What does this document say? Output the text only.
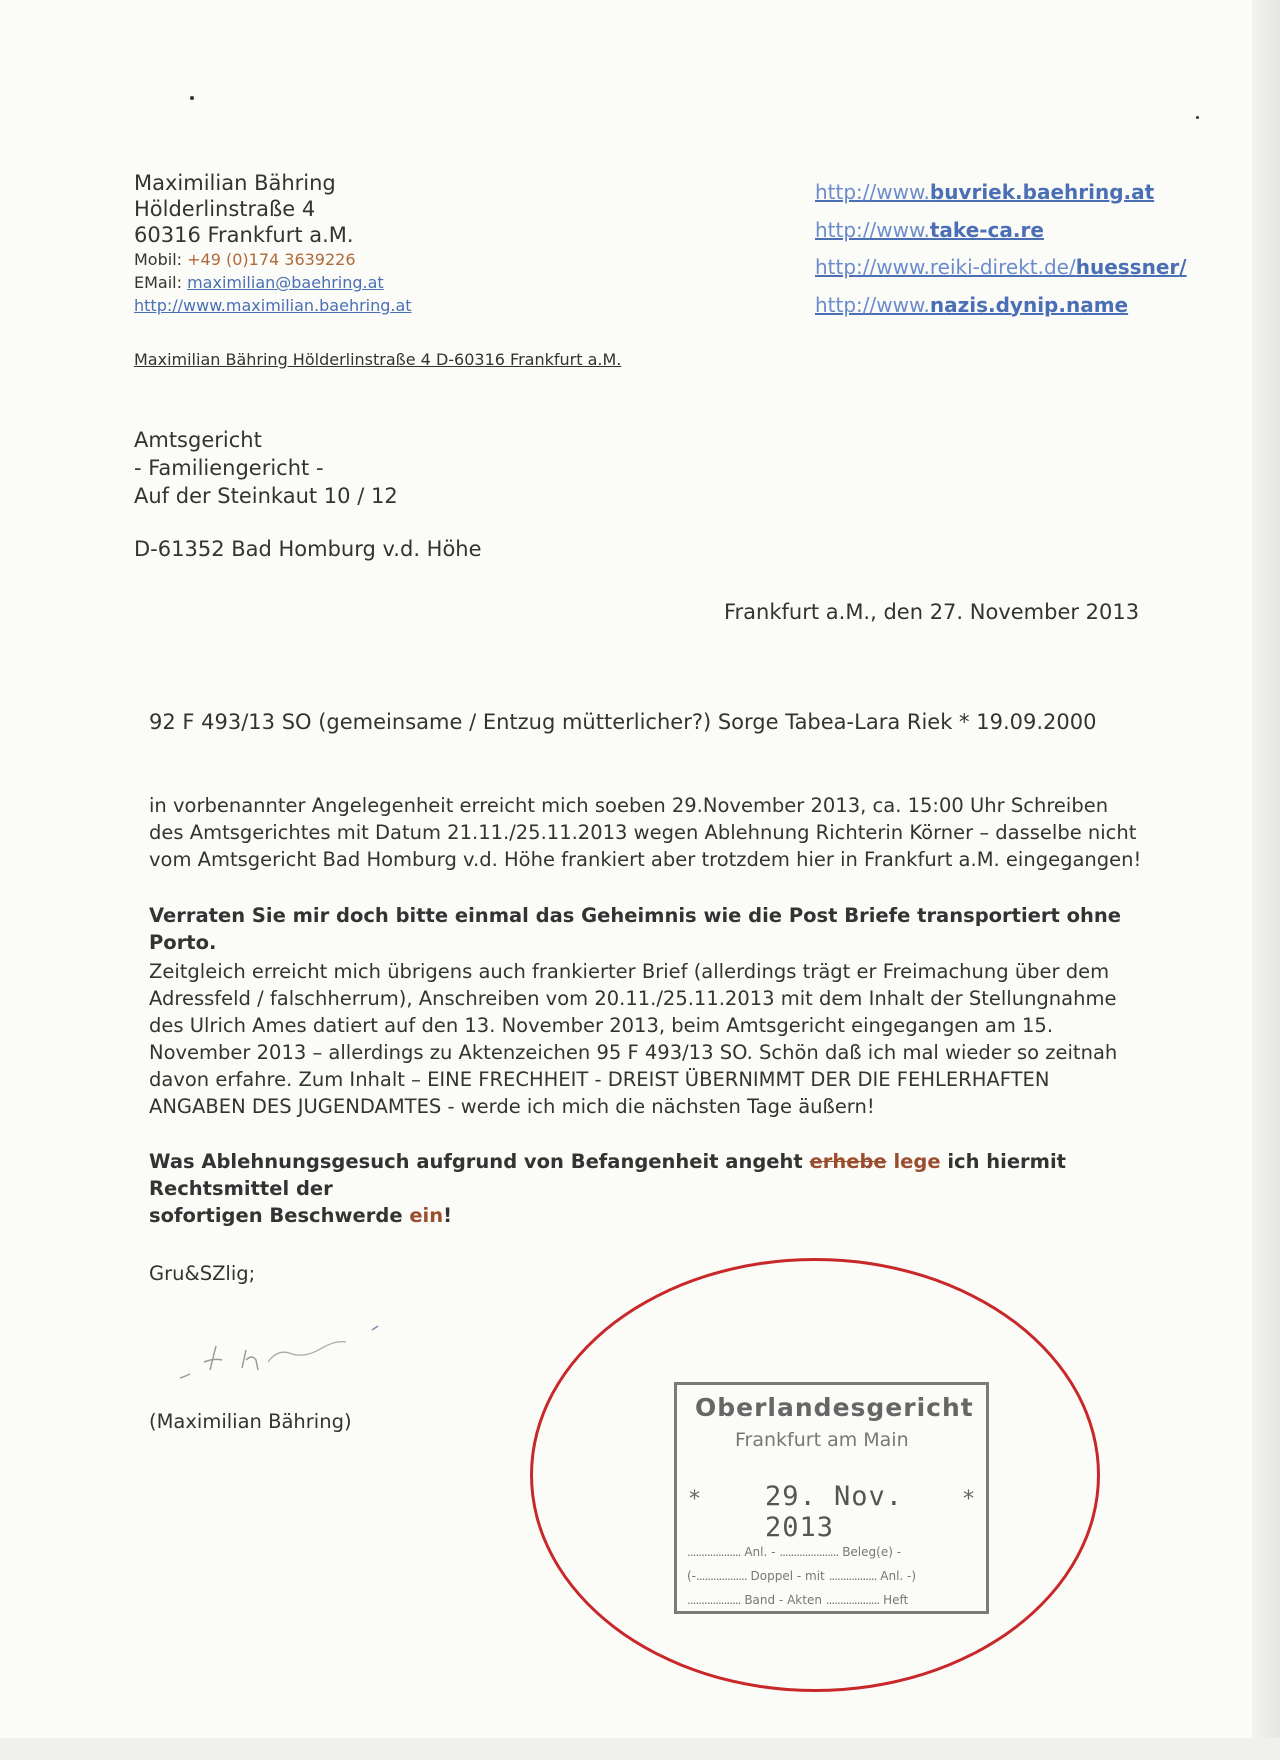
Maximilian Bähring
Hölderlinstraße 4
60316 Frankfurt a.M.
Mobil: +49 (0)174 3639226
EMail: maximilian@baehring.at
http://www.maximilian.baehring.at
http://www.buvriek.baehring.at
http://www.take-ca.re
http://www.reiki-direkt.de/huessner/
http://www.nazis.dynip.name
Maximilian Bähring Hölderlinstraße 4 D-60316 Frankfurt a.M.
Amtsgericht
- Familiengericht -
Auf der Steinkaut 10 / 12
D-61352 Bad Homburg v.d. Höhe
Frankfurt a.M., den 27. November 2013
92 F 493/13 SO (gemeinsame / Entzug mütterlicher?) Sorge Tabea-Lara Riek * 19.09.2000
in vorbenannter Angelegenheit erreicht mich soeben 29.November 2013, ca. 15:00 Uhr Schreiben
des Amtsgerichtes mit Datum 21.11./25.11.2013 wegen Ablehnung Richterin Körner – dasselbe nicht
vom Amtsgericht Bad Homburg v.d. Höhe frankiert aber trotzdem hier in Frankfurt a.M. eingegangen!
Verraten Sie mir doch bitte einmal das Geheimnis wie die Post Briefe transportiert ohne Porto.
Zeitgleich erreicht mich übrigens auch frankierter Brief (allerdings trägt er Freimachung über dem
Adressfeld / falschherrum), Anschreiben vom 20.11./25.11.2013 mit dem Inhalt der Stellungnahme
des Ulrich Ames datiert auf den 13. November 2013, beim Amtsgericht eingegangen am 15.
November 2013 – allerdings zu Aktenzeichen 95 F 493/13 SO. Schön daß ich mal wieder so zeitnah
davon erfahre. Zum Inhalt – EINE FRECHHEIT - DREIST ÜBERNIMMT DER DIE FEHLERHAFTEN
ANGABEN DES JUGENDAMTES - werde ich mich die nächsten Tage äußern!
Was Ablehnungsgesuch aufgrund von Befangenheit angeht erhebe lege ich hiermit Rechtsmittel der
sofortigen Beschwerde ein!
Gru&SZlig;
(Maximilian Bähring)	Oberlandesgericht
Frankfurt am Main
* 29. Nov. 2013
*
................... Anl. - ..................... Beleg(e) -
(-.................. Doppel - mit ................. Anl. -)
................... Band - Akten ................... Heft
